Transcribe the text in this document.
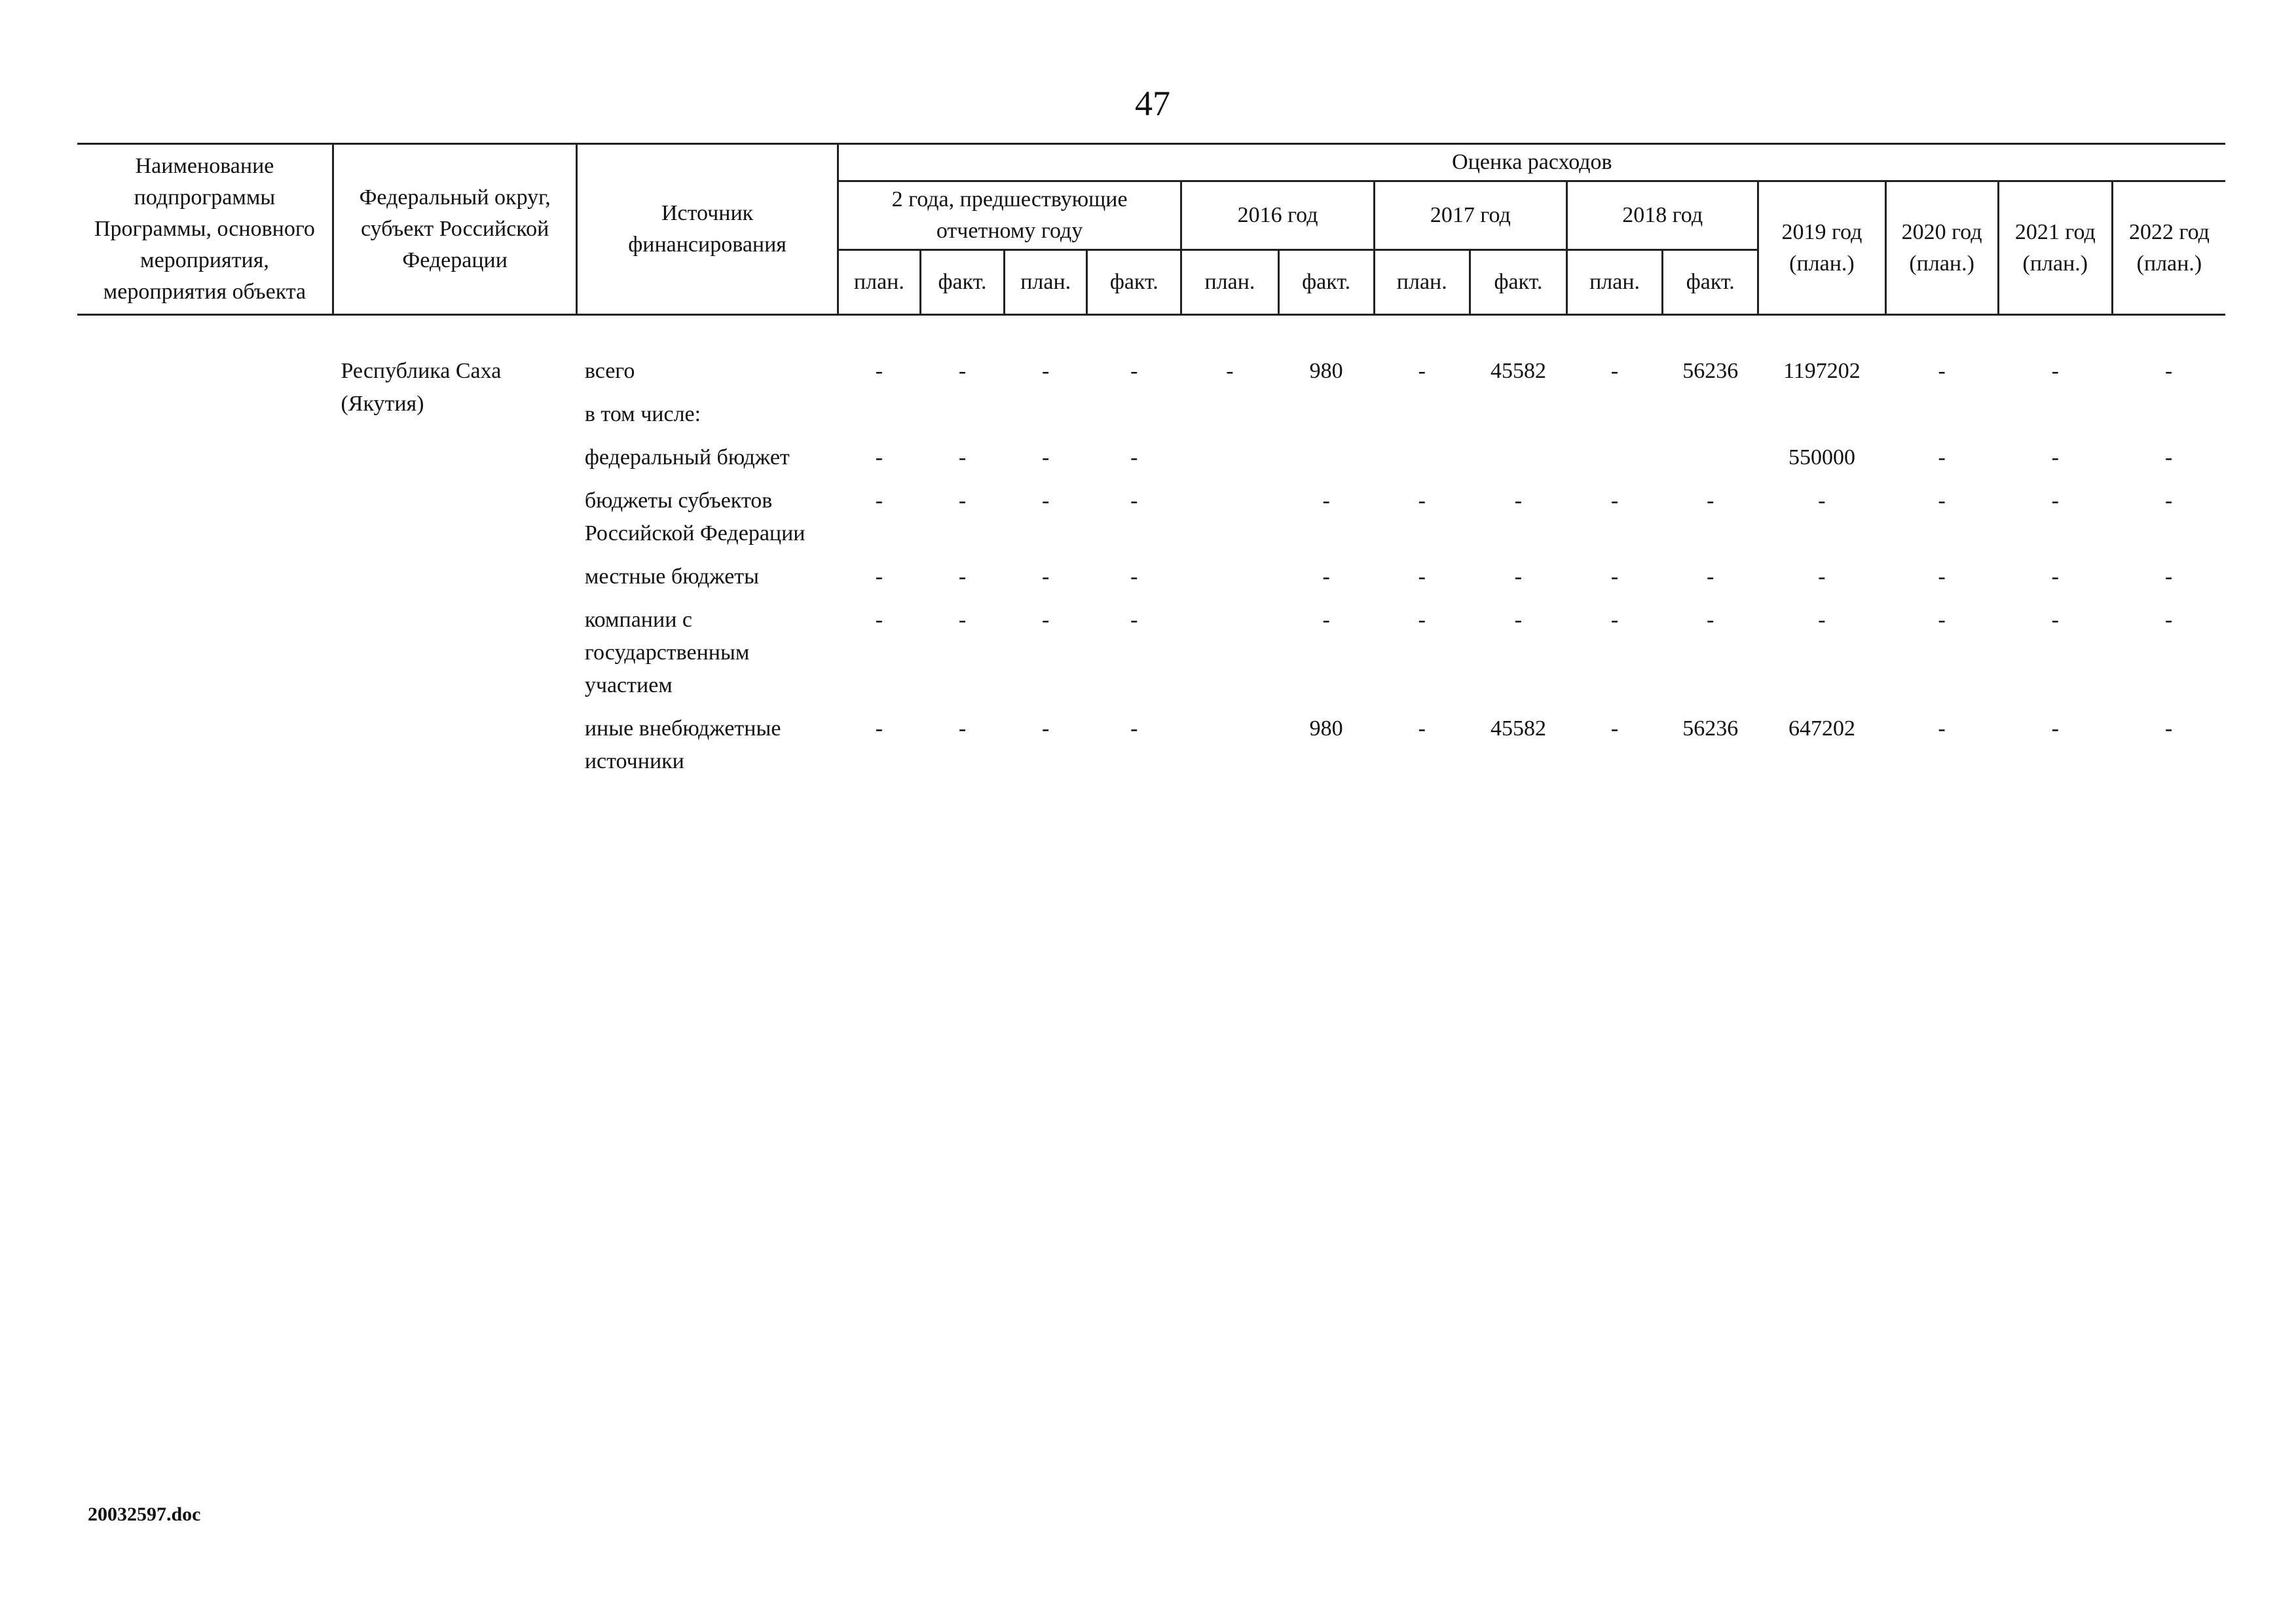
47
Наименование подпрограммы Программы, основного мероприятия, мероприятия объекта	Федеральный округ, субъект Российской Федерации	Источник финансирования	Оценка расходов													
			2 года, предшествующие отчетному году				2016 год		2017 год		2018 год		2019 год (план.)	2020 год (план.)	2021 год (план.)	2022 год (план.)
			план.	факт.	план.	факт.	план.	факт.	план.	факт.	план.	факт.				

	Республика Саха (Якутия)	всего	-	-	-	-	-	980	-	45582	-	56236	1197202	-	-	-
		в том числе:														
		федеральный бюджет	-	-	-	-							550000	-	-	-
		бюджеты субъектов Российской Федерации	-	-	-	-		-	-	-	-	-	-	-	-	-
		местные бюджеты	-	-	-	-		-	-	-	-	-	-	-	-	-
		компании с государственным участием	-	-	-	-		-	-	-	-	-	-	-	-	-
		иные внебюджетные источники	-	-	-	-		980	-	45582	-	56236	647202	-	-	-
20032597.doc
